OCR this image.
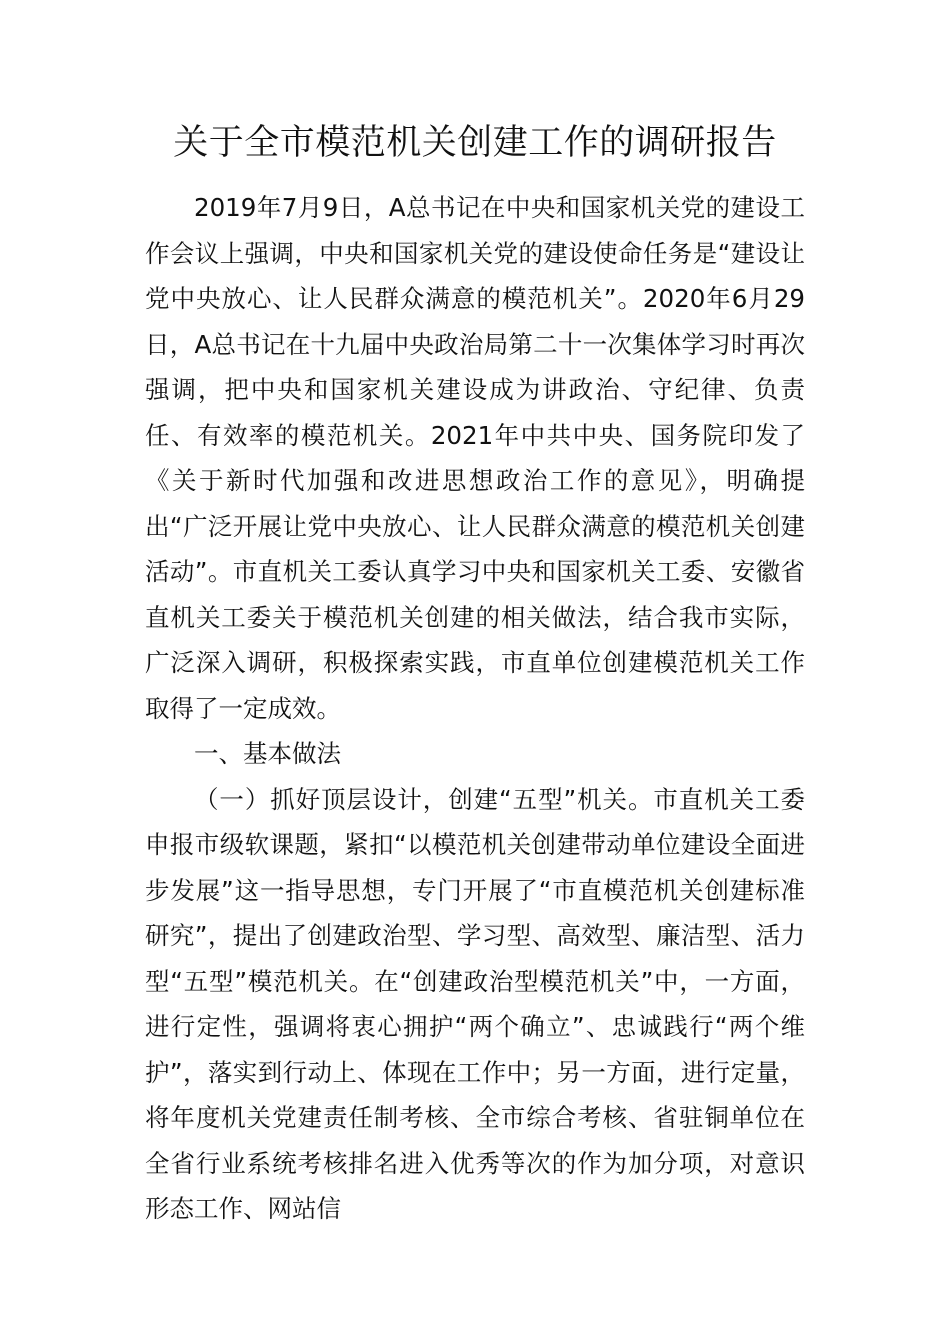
关于全市模范机关创建工作的调研报告

2019年7月9日，A总书记在中央和国家机关党的建设工作会议上强调，中央和国家机关党的建设使命任务是“建设让党中央放心、让人民群众满意的模范机关”。2020年6月29日，A总书记在十九届中央政治局第二十一次集体学习时再次强调，把中央和国家机关建设成为讲政治、守纪律、负责任、有效率的模范机关。2021年中共中央、国务院印发了《关于新时代加强和改进思想政治工作的意见》，明确提出“广泛开展让党中央放心、让人民群众满意的模范机关创建活动”。市直机关工委认真学习中央和国家机关工委、安徽省直机关工委关于模范机关创建的相关做法，结合我市实际，广泛深入调研，积极探索实践，市直单位创建模范机关工作取得了一定成效。

一、基本做法

（一）抓好顶层设计，创建“五型”机关。市直机关工委申报市级软课题，紧扣“以模范机关创建带动单位建设全面进步发展”这一指导思想，专门开展了“市直模范机关创建标准研究”，提出了创建政治型、学习型、高效型、廉洁型、活力型“五型”模范机关。在“创建政治型模范机关”中，一方面，进行定性，强调将衷心拥护“两个确立”、忠诚践行“两个维护”，落实到行动上、体现在工作中；另一方面，进行定量，将年度机关党建责任制考核、全市综合考核、省驻铜单位在全省行业系统考核排名进入优秀等次的作为加分项，对意识形态工作、网站信
